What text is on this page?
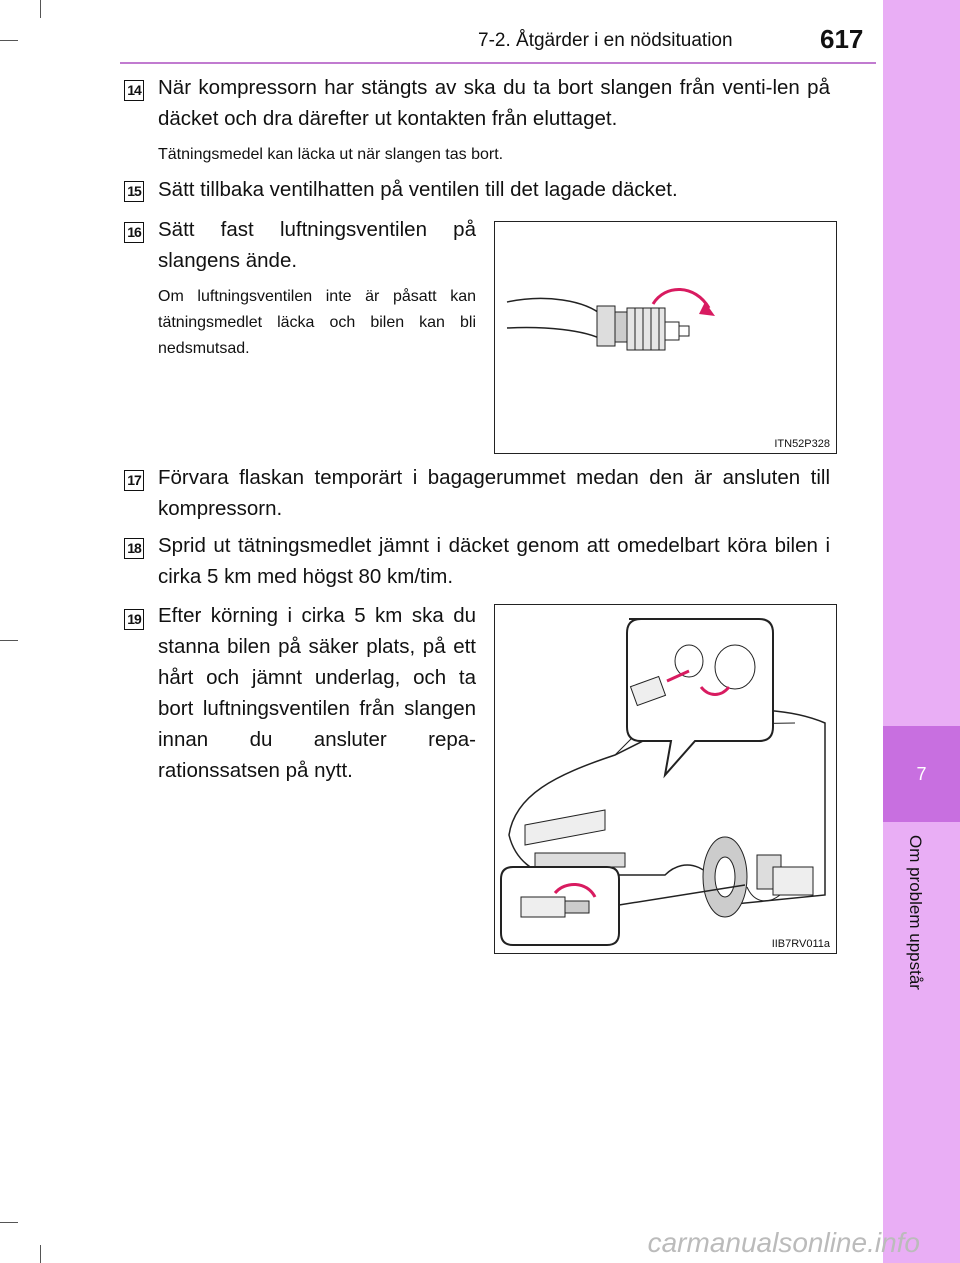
7-2. Åtgärder i en nödsituation	617
7
Om problem uppstår
14 När kompressorn har stängts av ska du ta bort slangen från venti-len på däcket och dra därefter ut kontakten från eluttaget.
Tätningsmedel kan läcka ut när slangen tas bort.
15 Sätt tillbaka ventilhatten på ventilen till det lagade däcket.
16 Sätt fast luftningsventilen på slangens ände.
Om luftningsventilen inte är påsatt kan tätningsmedlet läcka och bilen kan bli nedsmutsad.
ITN52P328
17 Förvara flaskan temporärt i bagagerummet medan den är ansluten till kompressorn.
18 Sprid ut tätningsmedlet jämnt i däcket genom att omedelbart köra bilen i cirka 5 km med högst 80 km/tim.
19 Efter körning i cirka 5 km ska du stanna bilen på säker plats, på ett hårt och jämnt underlag, och ta bort luftningsventilen från slangen innan du ansluter repa-rationssatsen på nytt.
IIB7RV011a
carmanualsonline.info
